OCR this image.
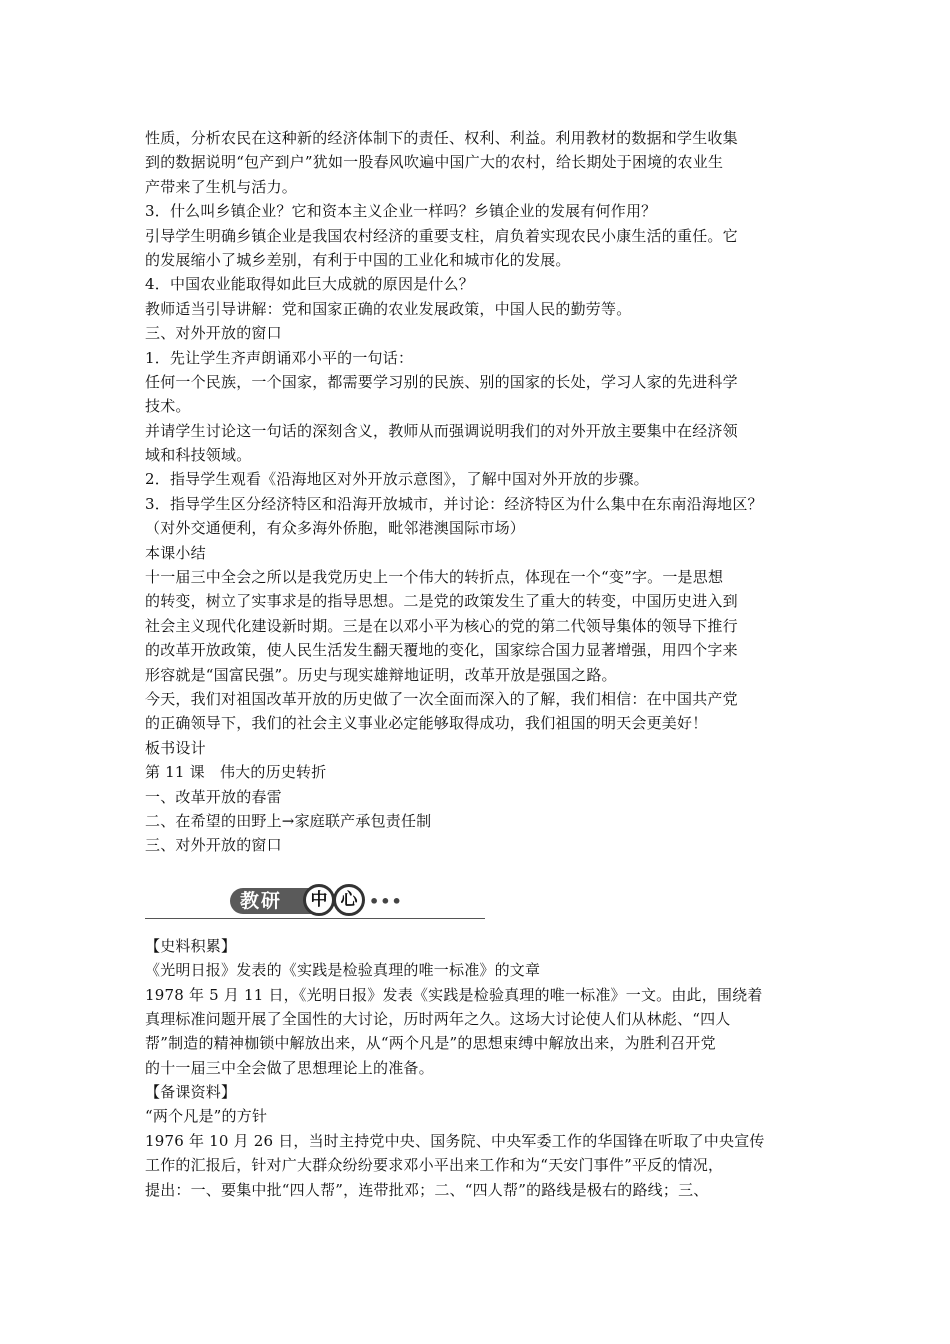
性质，分析农民在这种新的经济体制下的责任、权利、利益。利用教材的数据和学生收集
到的数据说明“包产到户”犹如一股春风吹遍中国广大的农村，给长期处于困境的农业生
产带来了生机与活力。
3．什么叫乡镇企业？它和资本主义企业一样吗？乡镇企业的发展有何作用？
引导学生明确乡镇企业是我国农村经济的重要支柱，肩负着实现农民小康生活的重任。它
的发展缩小了城乡差别，有利于中国的工业化和城市化的发展。
4．中国农业能取得如此巨大成就的原因是什么？
教师适当引导讲解：党和国家正确的农业发展政策，中国人民的勤劳等。
三、对外开放的窗口
1．先让学生齐声朗诵邓小平的一句话：
任何一个民族，一个国家，都需要学习别的民族、别的国家的长处，学习人家的先进科学
技术。
并请学生讨论这一句话的深刻含义，教师从而强调说明我们的对外开放主要集中在经济领
域和科技领域。
2．指导学生观看《沿海地区对外开放示意图》，了解中国对外开放的步骤。
3．指导学生区分经济特区和沿海开放城市，并讨论：经济特区为什么集中在东南沿海地区？
（对外交通便利，有众多海外侨胞，毗邻港澳国际市场）
本课小结
十一届三中全会之所以是我党历史上一个伟大的转折点，体现在一个“变”字。一是思想
的转变，树立了实事求是的指导思想。二是党的政策发生了重大的转变，中国历史进入到
社会主义现代化建设新时期。三是在以邓小平为核心的党的第二代领导集体的领导下推行
的改革开放政策，使人民生活发生翻天覆地的变化，国家综合国力显著增强，用四个字来
形容就是“国富民强”。历史与现实雄辩地证明，改革开放是强国之路。
今天，我们对祖国改革开放的历史做了一次全面而深入的了解，我们相信：在中国共产党
的正确领导下，我们的社会主义事业必定能够取得成功，我们祖国的明天会更美好！
板书设计
第 11 课　伟大的历史转折
一、改革开放的春雷
二、在希望的田野上→家庭联产承包责任制
三、对外开放的窗口
教研	中 心 •••
【史料积累】
《光明日报》发表的《实践是检验真理的唯一标准》的文章
1978 年 5 月 11 日，《光明日报》发表《实践是检验真理的唯一标准》一文。由此，围绕着
真理标准问题开展了全国性的大讨论，历时两年之久。这场大讨论使人们从林彪、“四人
帮”制造的精神枷锁中解放出来，从“两个凡是”的思想束缚中解放出来，为胜利召开党
的十一届三中全会做了思想理论上的准备。
【备课资料】
“两个凡是”的方针
1976 年 10 月 26 日，当时主持党中央、国务院、中央军委工作的华国锋在听取了中央宣传
工作的汇报后，针对广大群众纷纷要求邓小平出来工作和为“天安门事件”平反的情况，
提出：一、要集中批“四人帮”，连带批邓；二、“四人帮”的路线是极右的路线；三、
